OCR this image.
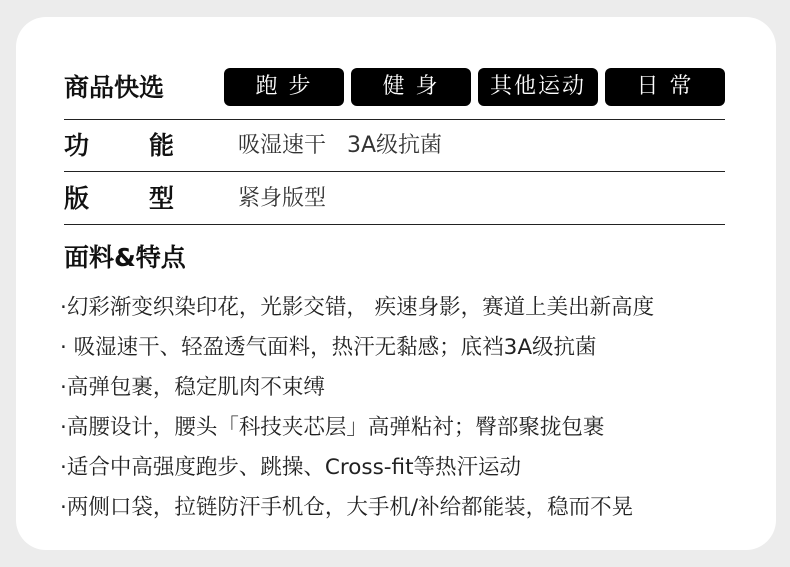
商品快选	跑 步	健 身	其他运动	日 常
功 能	吸湿速干   3A级抗菌
版 型	紧身版型
面料&特点
·幻彩渐变织染印花，光影交错， 疾速身影，赛道上美出新高度
· 吸湿速干、轻盈透气面料，热汗无黏感；底裆3A级抗菌
·高弹包裹，稳定肌肉不束缚
·高腰设计，腰头「科技夹芯层」高弹粘衬；臀部聚拢包裹
·适合中高强度跑步、跳操、Cross-fit等热汗运动
·两侧口袋，拉链防汗手机仓，大手机/补给都能装，稳而不晃
